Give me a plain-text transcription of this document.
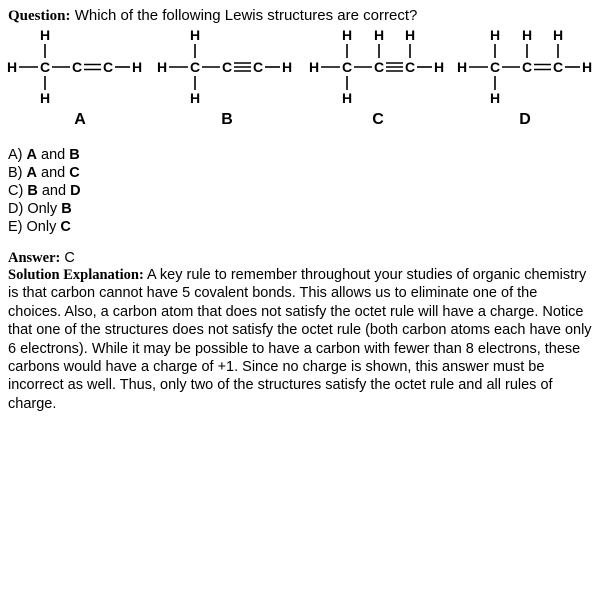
Question: Which of the following Lewis structures are correct?
H C C C H
H
H
A
H C C C H
H
H
B
H C C C H
H H H
H
C
H C C C H
H H H
H
D
A) A and B
B) A and C
C) B and D
D) Only B
E) Only C
Answer: C
Solution Explanation: A key rule to remember throughout your studies of organic chemistry is that carbon cannot have 5 covalent bonds. This allows us to eliminate one of the choices. Also, a carbon atom that does not satisfy the octet rule will have a charge. Notice that one of the structures does not satisfy the octet rule (both carbon atoms each have only 6 electrons). While it may be possible to have a carbon with fewer than 8 electrons, these carbons would have a charge of +1. Since no charge is shown, this answer must be incorrect as well. Thus, only two of the structures satisfy the octet rule and all rules of charge.
